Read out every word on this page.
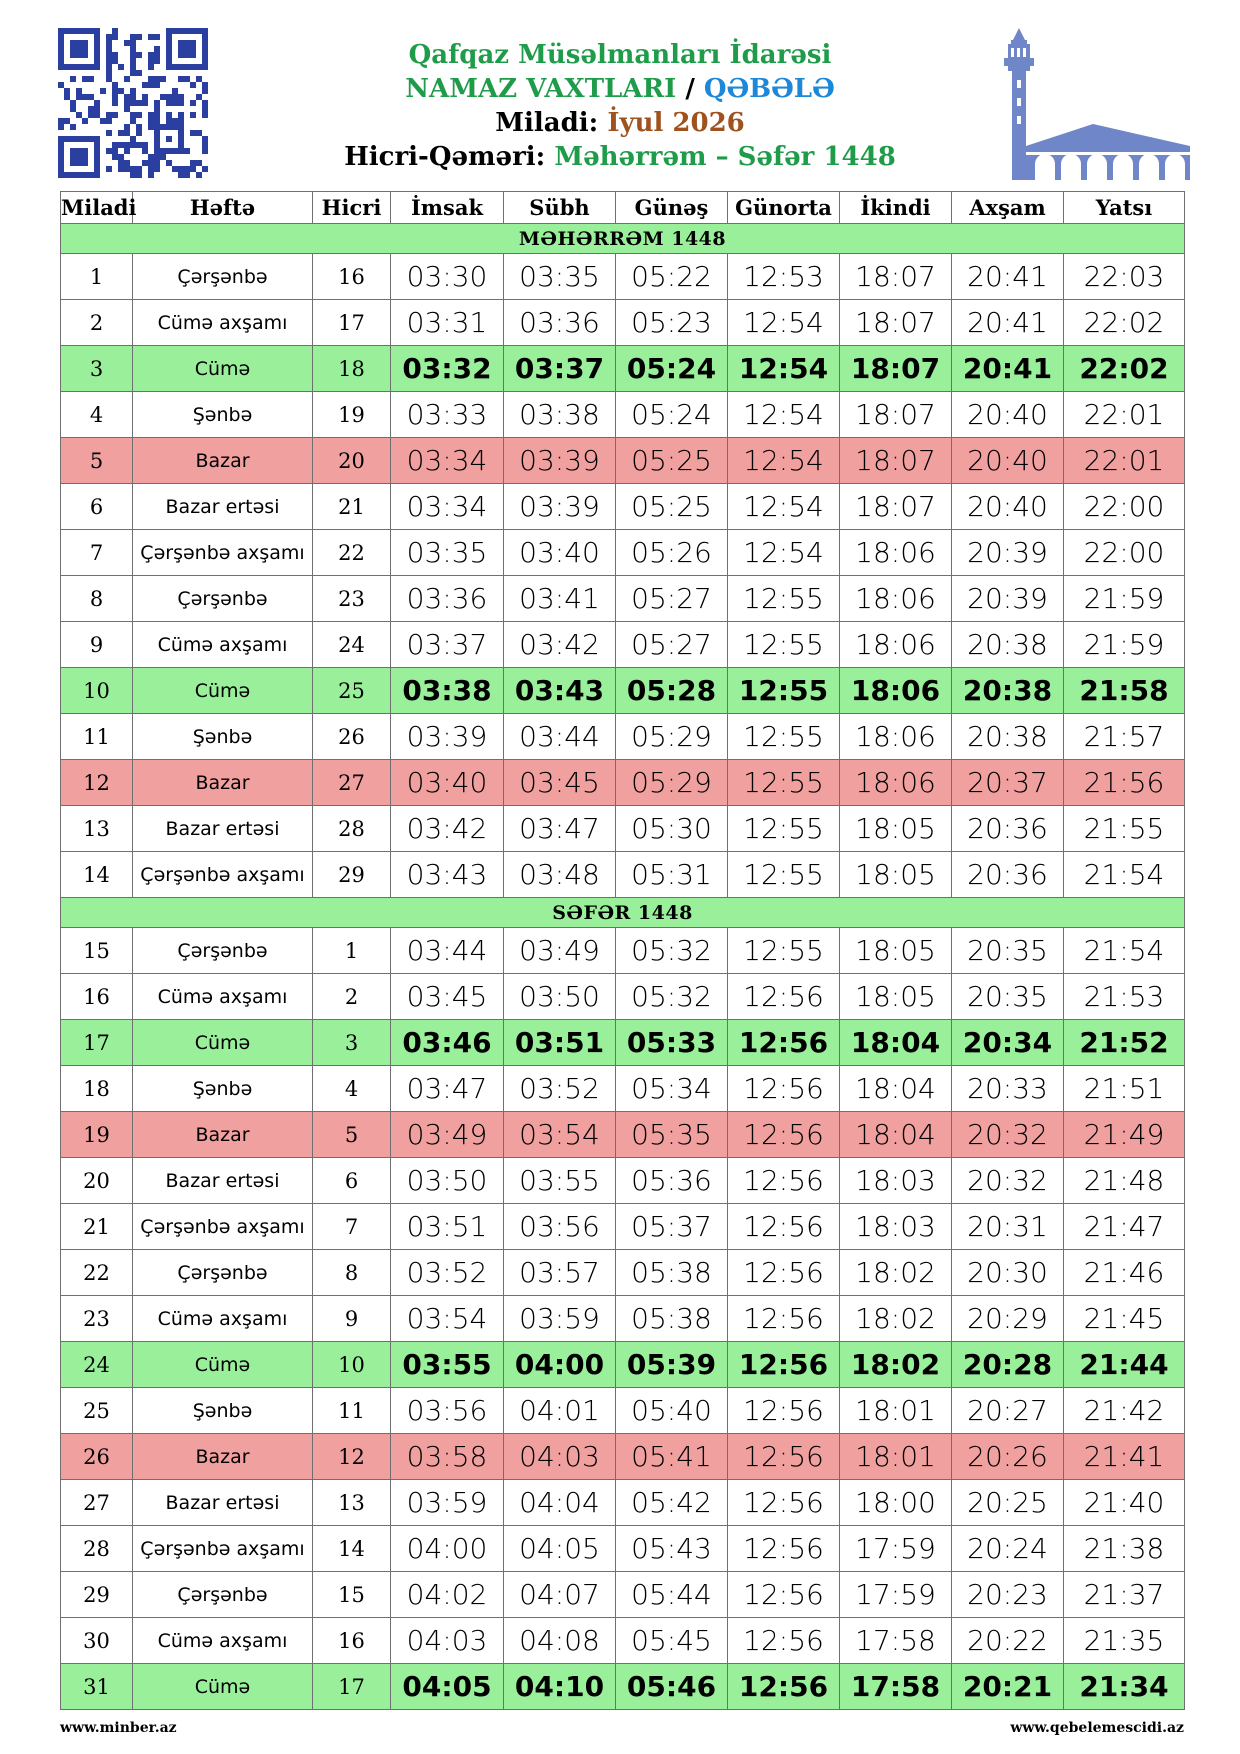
Qafqaz Müsəlmanları İdarəsi
NAMAZ VAXTLARI / QƏBƏLƏ
Miladi: İyul 2026
Hicri-Qəməri: Məhərrəm – Səfər 1448
Miladi	Həftə	Hicri	İmsak	Sübh	Günəş	Günorta	İkindi	Axşam	Yatsı
MƏHƏRRƏM 1448									
1	Çərşənbə	16	03:30	03:35	05:22	12:53	18:07	20:41	22:03
2	Cümə axşamı	17	03:31	03:36	05:23	12:54	18:07	20:41	22:02
3	Cümə	18	03:32	03:37	05:24	12:54	18:07	20:41	22:02
4	Şənbə	19	03:33	03:38	05:24	12:54	18:07	20:40	22:01
5	Bazar	20	03:34	03:39	05:25	12:54	18:07	20:40	22:01
6	Bazar ertəsi	21	03:34	03:39	05:25	12:54	18:07	20:40	22:00
7	Çərşənbə axşamı	22	03:35	03:40	05:26	12:54	18:06	20:39	22:00
8	Çərşənbə	23	03:36	03:41	05:27	12:55	18:06	20:39	21:59
9	Cümə axşamı	24	03:37	03:42	05:27	12:55	18:06	20:38	21:59
10	Cümə	25	03:38	03:43	05:28	12:55	18:06	20:38	21:58
11	Şənbə	26	03:39	03:44	05:29	12:55	18:06	20:38	21:57
12	Bazar	27	03:40	03:45	05:29	12:55	18:06	20:37	21:56
13	Bazar ertəsi	28	03:42	03:47	05:30	12:55	18:05	20:36	21:55
14	Çərşənbə axşamı	29	03:43	03:48	05:31	12:55	18:05	20:36	21:54
SƏFƏR 1448									
15	Çərşənbə	1	03:44	03:49	05:32	12:55	18:05	20:35	21:54
16	Cümə axşamı	2	03:45	03:50	05:32	12:56	18:05	20:35	21:53
17	Cümə	3	03:46	03:51	05:33	12:56	18:04	20:34	21:52
18	Şənbə	4	03:47	03:52	05:34	12:56	18:04	20:33	21:51
19	Bazar	5	03:49	03:54	05:35	12:56	18:04	20:32	21:49
20	Bazar ertəsi	6	03:50	03:55	05:36	12:56	18:03	20:32	21:48
21	Çərşənbə axşamı	7	03:51	03:56	05:37	12:56	18:03	20:31	21:47
22	Çərşənbə	8	03:52	03:57	05:38	12:56	18:02	20:30	21:46
23	Cümə axşamı	9	03:54	03:59	05:38	12:56	18:02	20:29	21:45
24	Cümə	10	03:55	04:00	05:39	12:56	18:02	20:28	21:44
25	Şənbə	11	03:56	04:01	05:40	12:56	18:01	20:27	21:42
26	Bazar	12	03:58	04:03	05:41	12:56	18:01	20:26	21:41
27	Bazar ertəsi	13	03:59	04:04	05:42	12:56	18:00	20:25	21:40
28	Çərşənbə axşamı	14	04:00	04:05	05:43	12:56	17:59	20:24	21:38
29	Çərşənbə	15	04:02	04:07	05:44	12:56	17:59	20:23	21:37
30	Cümə axşamı	16	04:03	04:08	05:45	12:56	17:58	20:22	21:35
31	Cümə	17	04:05	04:10	05:46	12:56	17:58	20:21	21:34
www.minber.az	www.qebelemescidi.az
